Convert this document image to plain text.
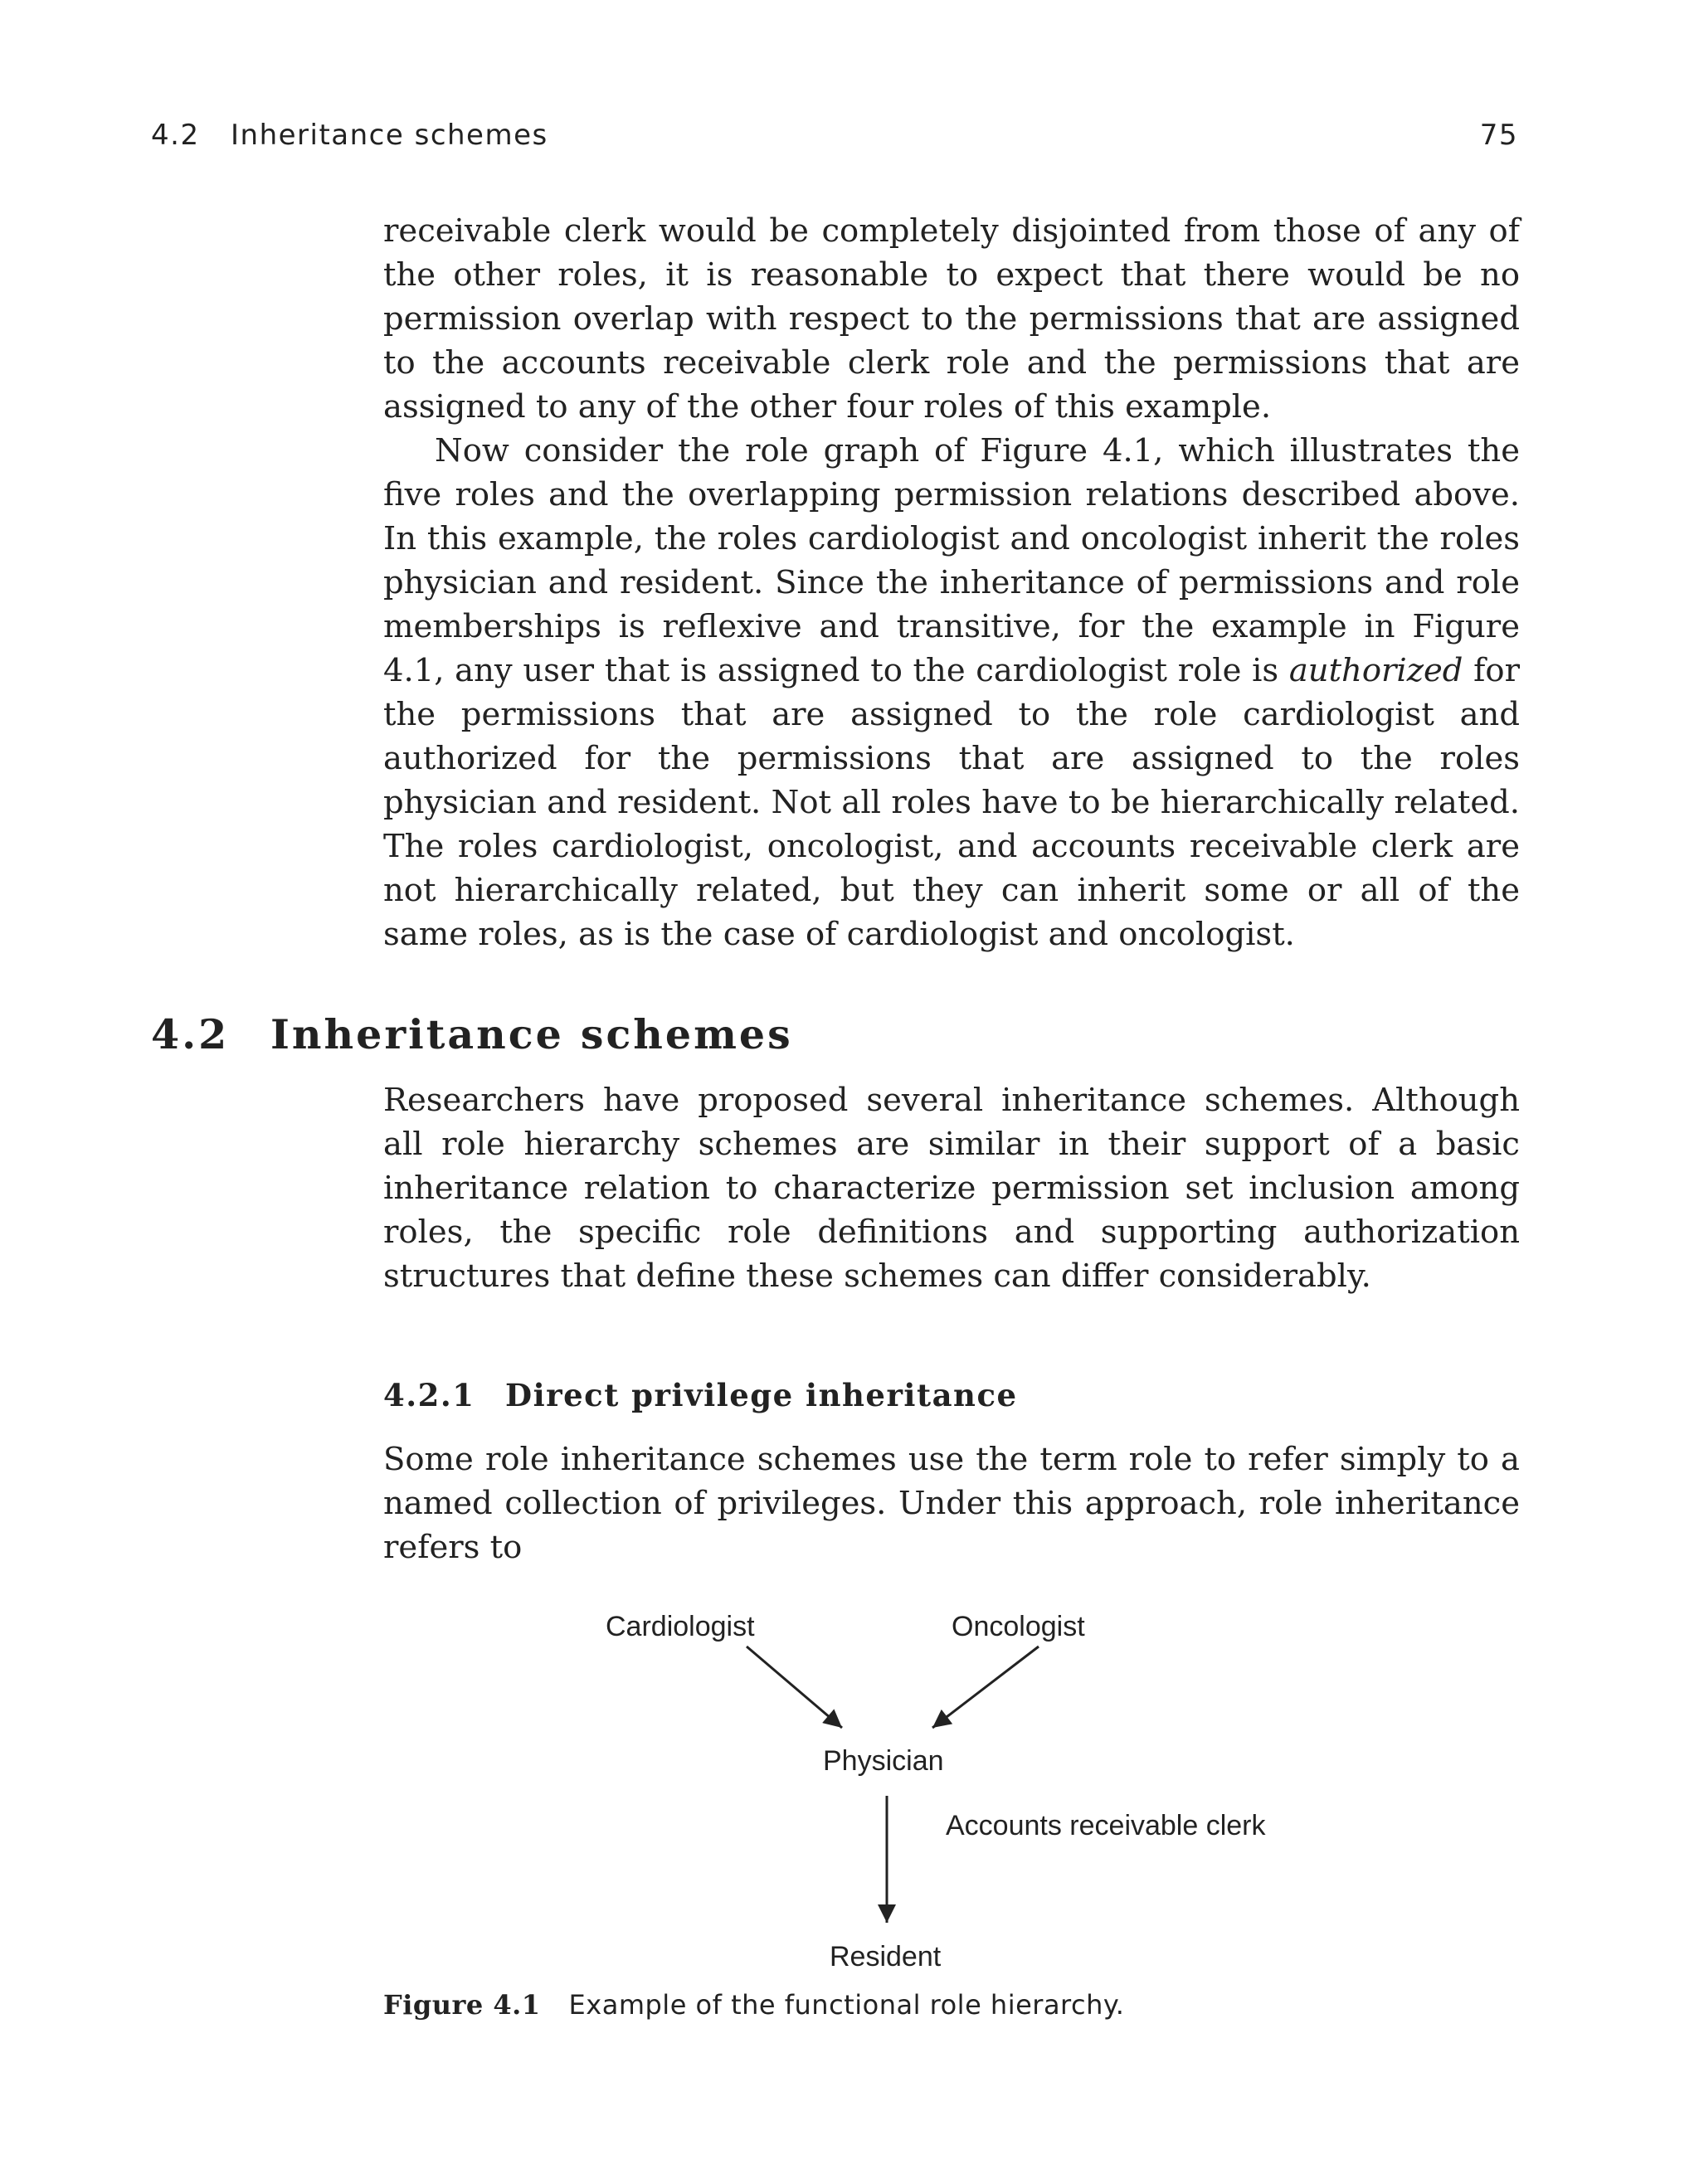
4.2 Inheritance schemes	75

receivable clerk would be completely disjointed from those of any of the other roles, it is reasonable to expect that there would be no permission overlap with respect to the permissions that are assigned to the accounts receivable clerk role and the permissions that are assigned to any of the other four roles of this example.

Now consider the role graph of Figure 4.1, which illustrates the five roles and the overlapping permission relations described above. In this example, the roles cardiologist and oncologist inherit the roles physician and resident. Since the inheritance of permissions and role memberships is reflexive and transitive, for the example in Figure 4.1, any user that is assigned to the cardiologist role is authorized for the permissions that are assigned to the role cardiologist and authorized for the permissions that are assigned to the roles physician and resident. Not all roles have to be hierarchically related. The roles cardiologist, oncologist, and accounts receivable clerk are not hierarchically related, but they can inherit some or all of the same roles, as is the case of cardiologist and oncologist.

4.2 Inheritance schemes

Researchers have proposed several inheritance schemes. Although all role hierarchy schemes are similar in their support of a basic inheritance relation to characterize permission set inclusion among roles, the specific role definitions and supporting authorization structures that define these schemes can differ considerably.

4.2.1 Direct privilege inheritance

Some role inheritance schemes use the term role to refer simply to a named collection of privileges. Under this approach, role inheritance refers to

Cardiologist	Oncologist
Physician
Accounts receivable clerk
Resident
Figure 4.1 Example of the functional role hierarchy.
